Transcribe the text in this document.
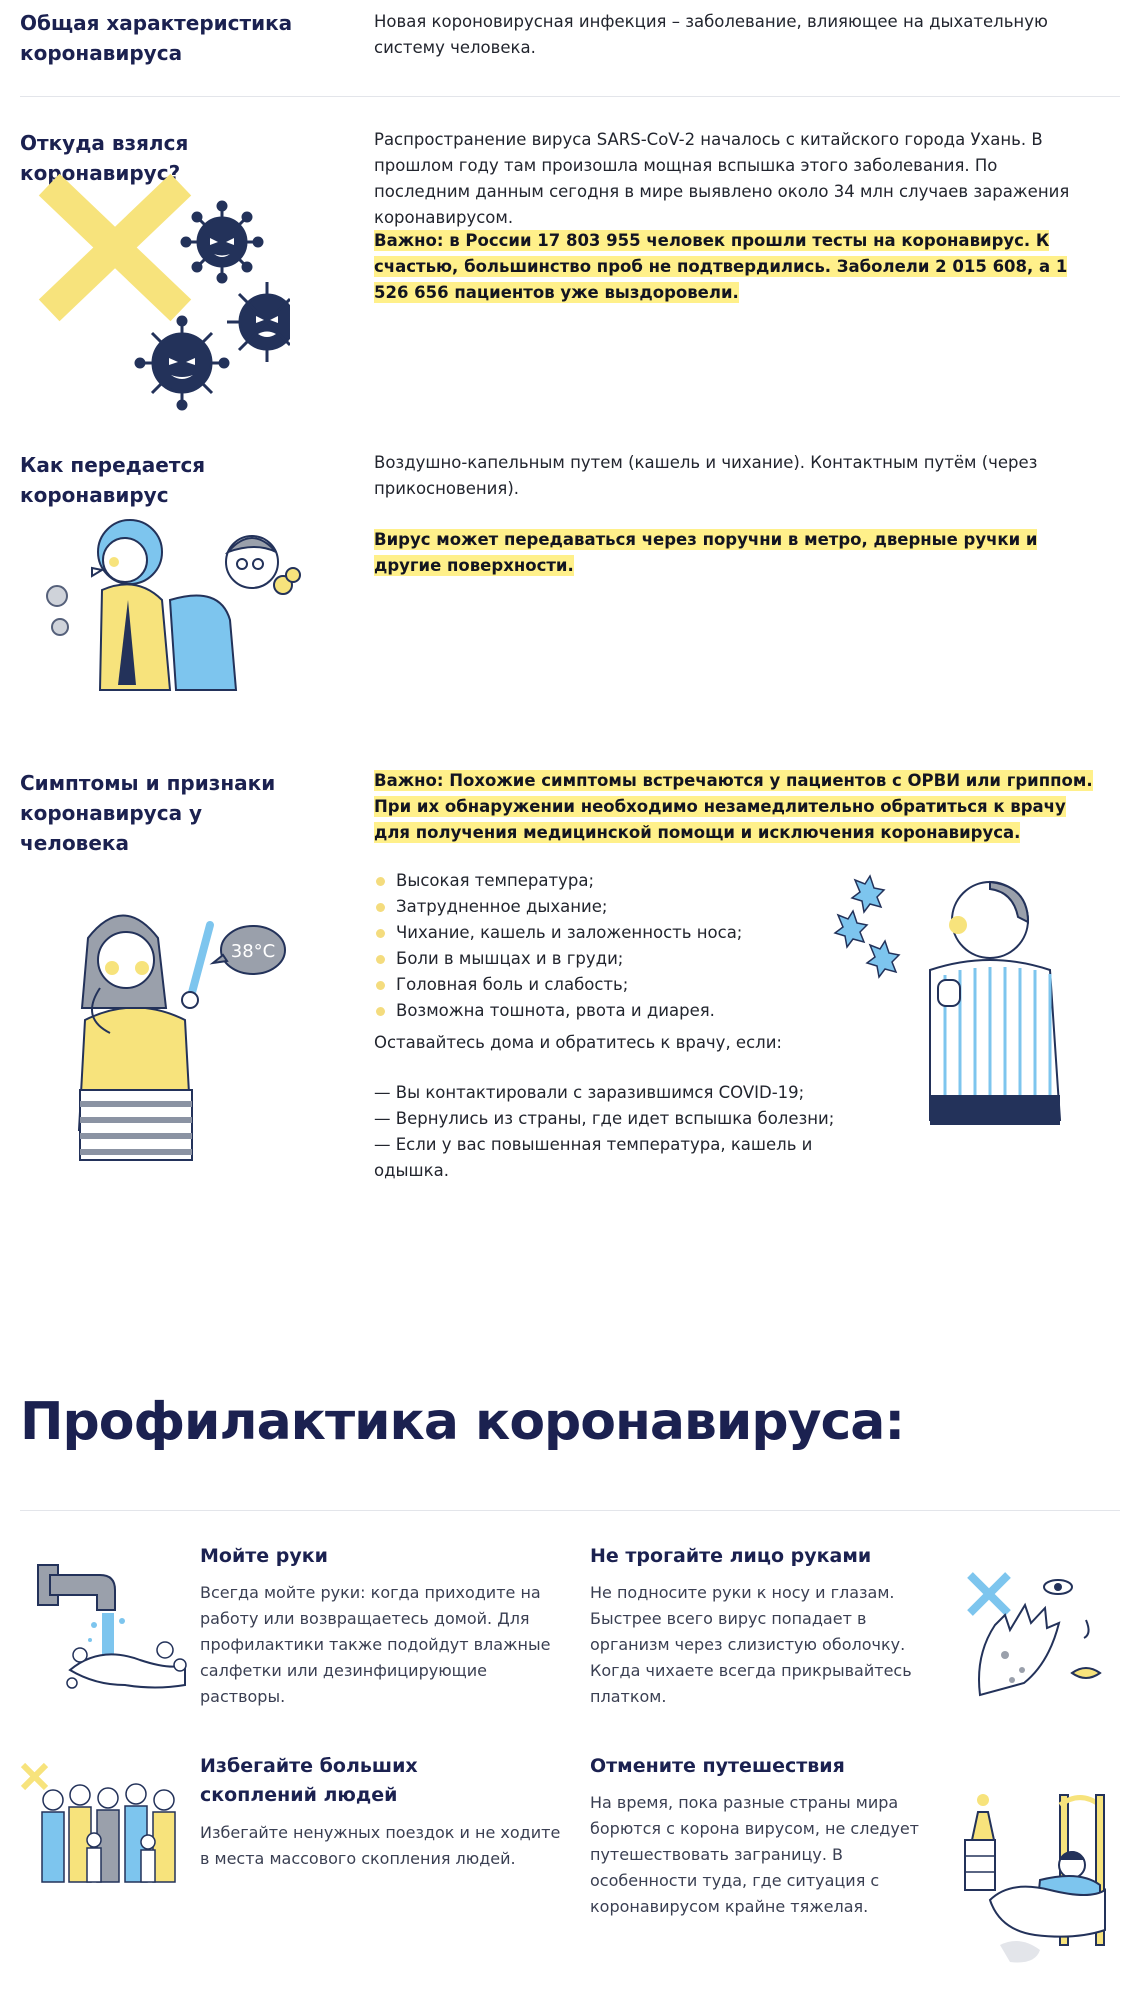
Общая характеристика коронавируса
Новая короновирусная инфекция – заболевание, влияющее на дыхательную систему человека.
Откуда взялся коронавирус?
Распространение вируса SARS-CoV-2 началось с китайского города Ухань. В прошлом году там произошла мощная вспышка этого заболевания. По последним данным сегодня в мире выявлено около 34 млн случаев заражения коронавирусом.
Важно: в России 17 803 955 человек прошли тесты на коронавирус. К счастью, большинство проб не подтвердились. Заболели 2 015 608, а 1 526 656 пациентов уже выздоровели.
Как передается коронавирус
Воздушно-капельным путем (кашель и чихание). Контактным путём (через прикосновения).
Вирус может передаваться через поручни в метро, дверные ручки и другие поверхности.
Симптомы и признаки коронавируса у человека
Важно: Похожие симптомы встречаются у пациентов с ОРВИ или гриппом. При их обнаружении необходимо незамедлительно обратиться к врачу для получения медицинской помощи и исключения коронавируса.
38°C
Высокая температура;
Затрудненное дыхание;
Чихание, кашель и заложенность носа;
Боли в мышцах и в груди;
Головная боль и слабость;
Возможна тошнота, рвота и диарея.
Оставайтесь дома и обратитесь к врачу, если:
— Вы контактировали с заразившимся COVID-19;
— Вернулись из страны, где идет вспышка болезни;
— Если у вас повышенная температура, кашель и одышка.
Профилактика коронавируса:
Мойте руки
Всегда мойте руки: когда приходите на работу или возвращаетесь домой. Для профилактики также подойдут влажные салфетки или дезинфицирующие растворы.
Не трогайте лицо руками
Не подносите руки к носу и глазам. Быстрее всего вирус попадает в организм через слизистую оболочку. Когда чихаете всегда прикрывайтесь платком.
Избегайте больших скоплений людей
Избегайте ненужных поездок и не ходите в места массового скопления людей.
Отмените путешествия
На время, пока разные страны мира борются с корона вирусом, не следует путешествовать заграницу. В особенности туда, где ситуация с коронавирусом крайне тяжелая.
